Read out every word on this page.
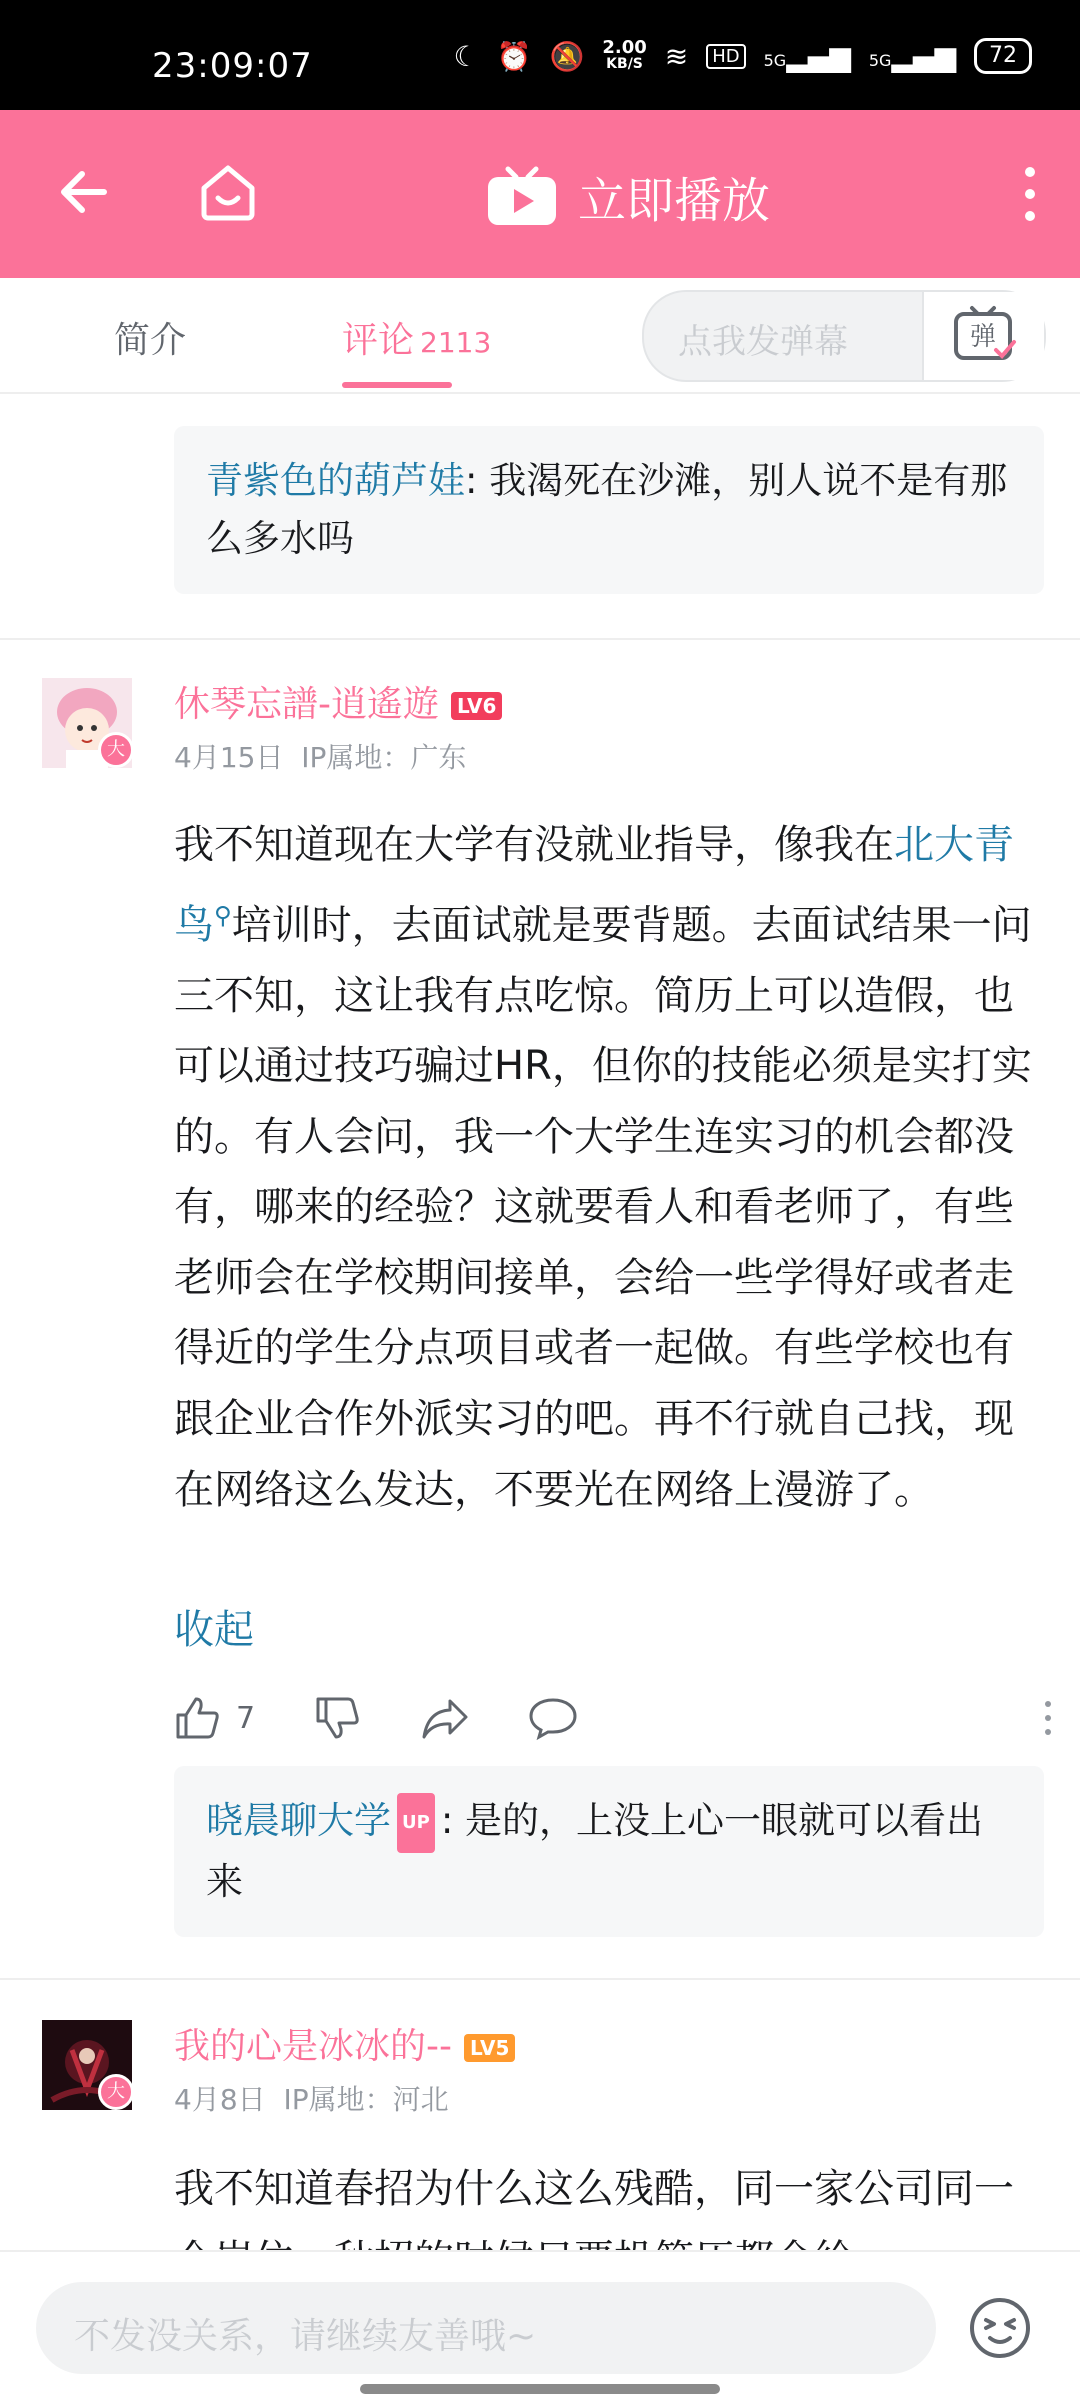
23:09:07	☾ ⏰ 🔕 2.00
KB/S ≋	HD	5G▂▄▆ 5G▂▄▆	72
立即播放
简介	评论 2113	点我发弹幕	弹
青紫色的葫芦娃: 我渴死在沙滩，别人说不是有那么多水吗
大
休琴忘譜-逍遙遊 LV6
4月15日 IP属地：广东
我不知道现在大学有没就业指导，像我在北大青鸟⚲培训时，去面试就是要背题。去面试结果一问三不知，这让我有点吃惊。简历上可以造假，也可以通过技巧骗过HR，但你的技能必须是实打实的。有人会问，我一个大学生连实习的机会都没有，哪来的经验？这就要看人和看老师了，有些老师会在学校期间接单，会给一些学得好或者走得近的学生分点项目或者一起做。有些学校也有跟企业合作外派实习的吧。再不行就自己找，现在网络这么发达，不要光在网络上漫游了。
收起
7
晓晨聊大学 UP : 是的，上没上心一眼就可以看出来
大
我的心是冰冰的-- LV5
4月8日 IP属地：河北
我不知道春招为什么这么残酷，同一家公司同一
不发没关系，请继续友善哦~
